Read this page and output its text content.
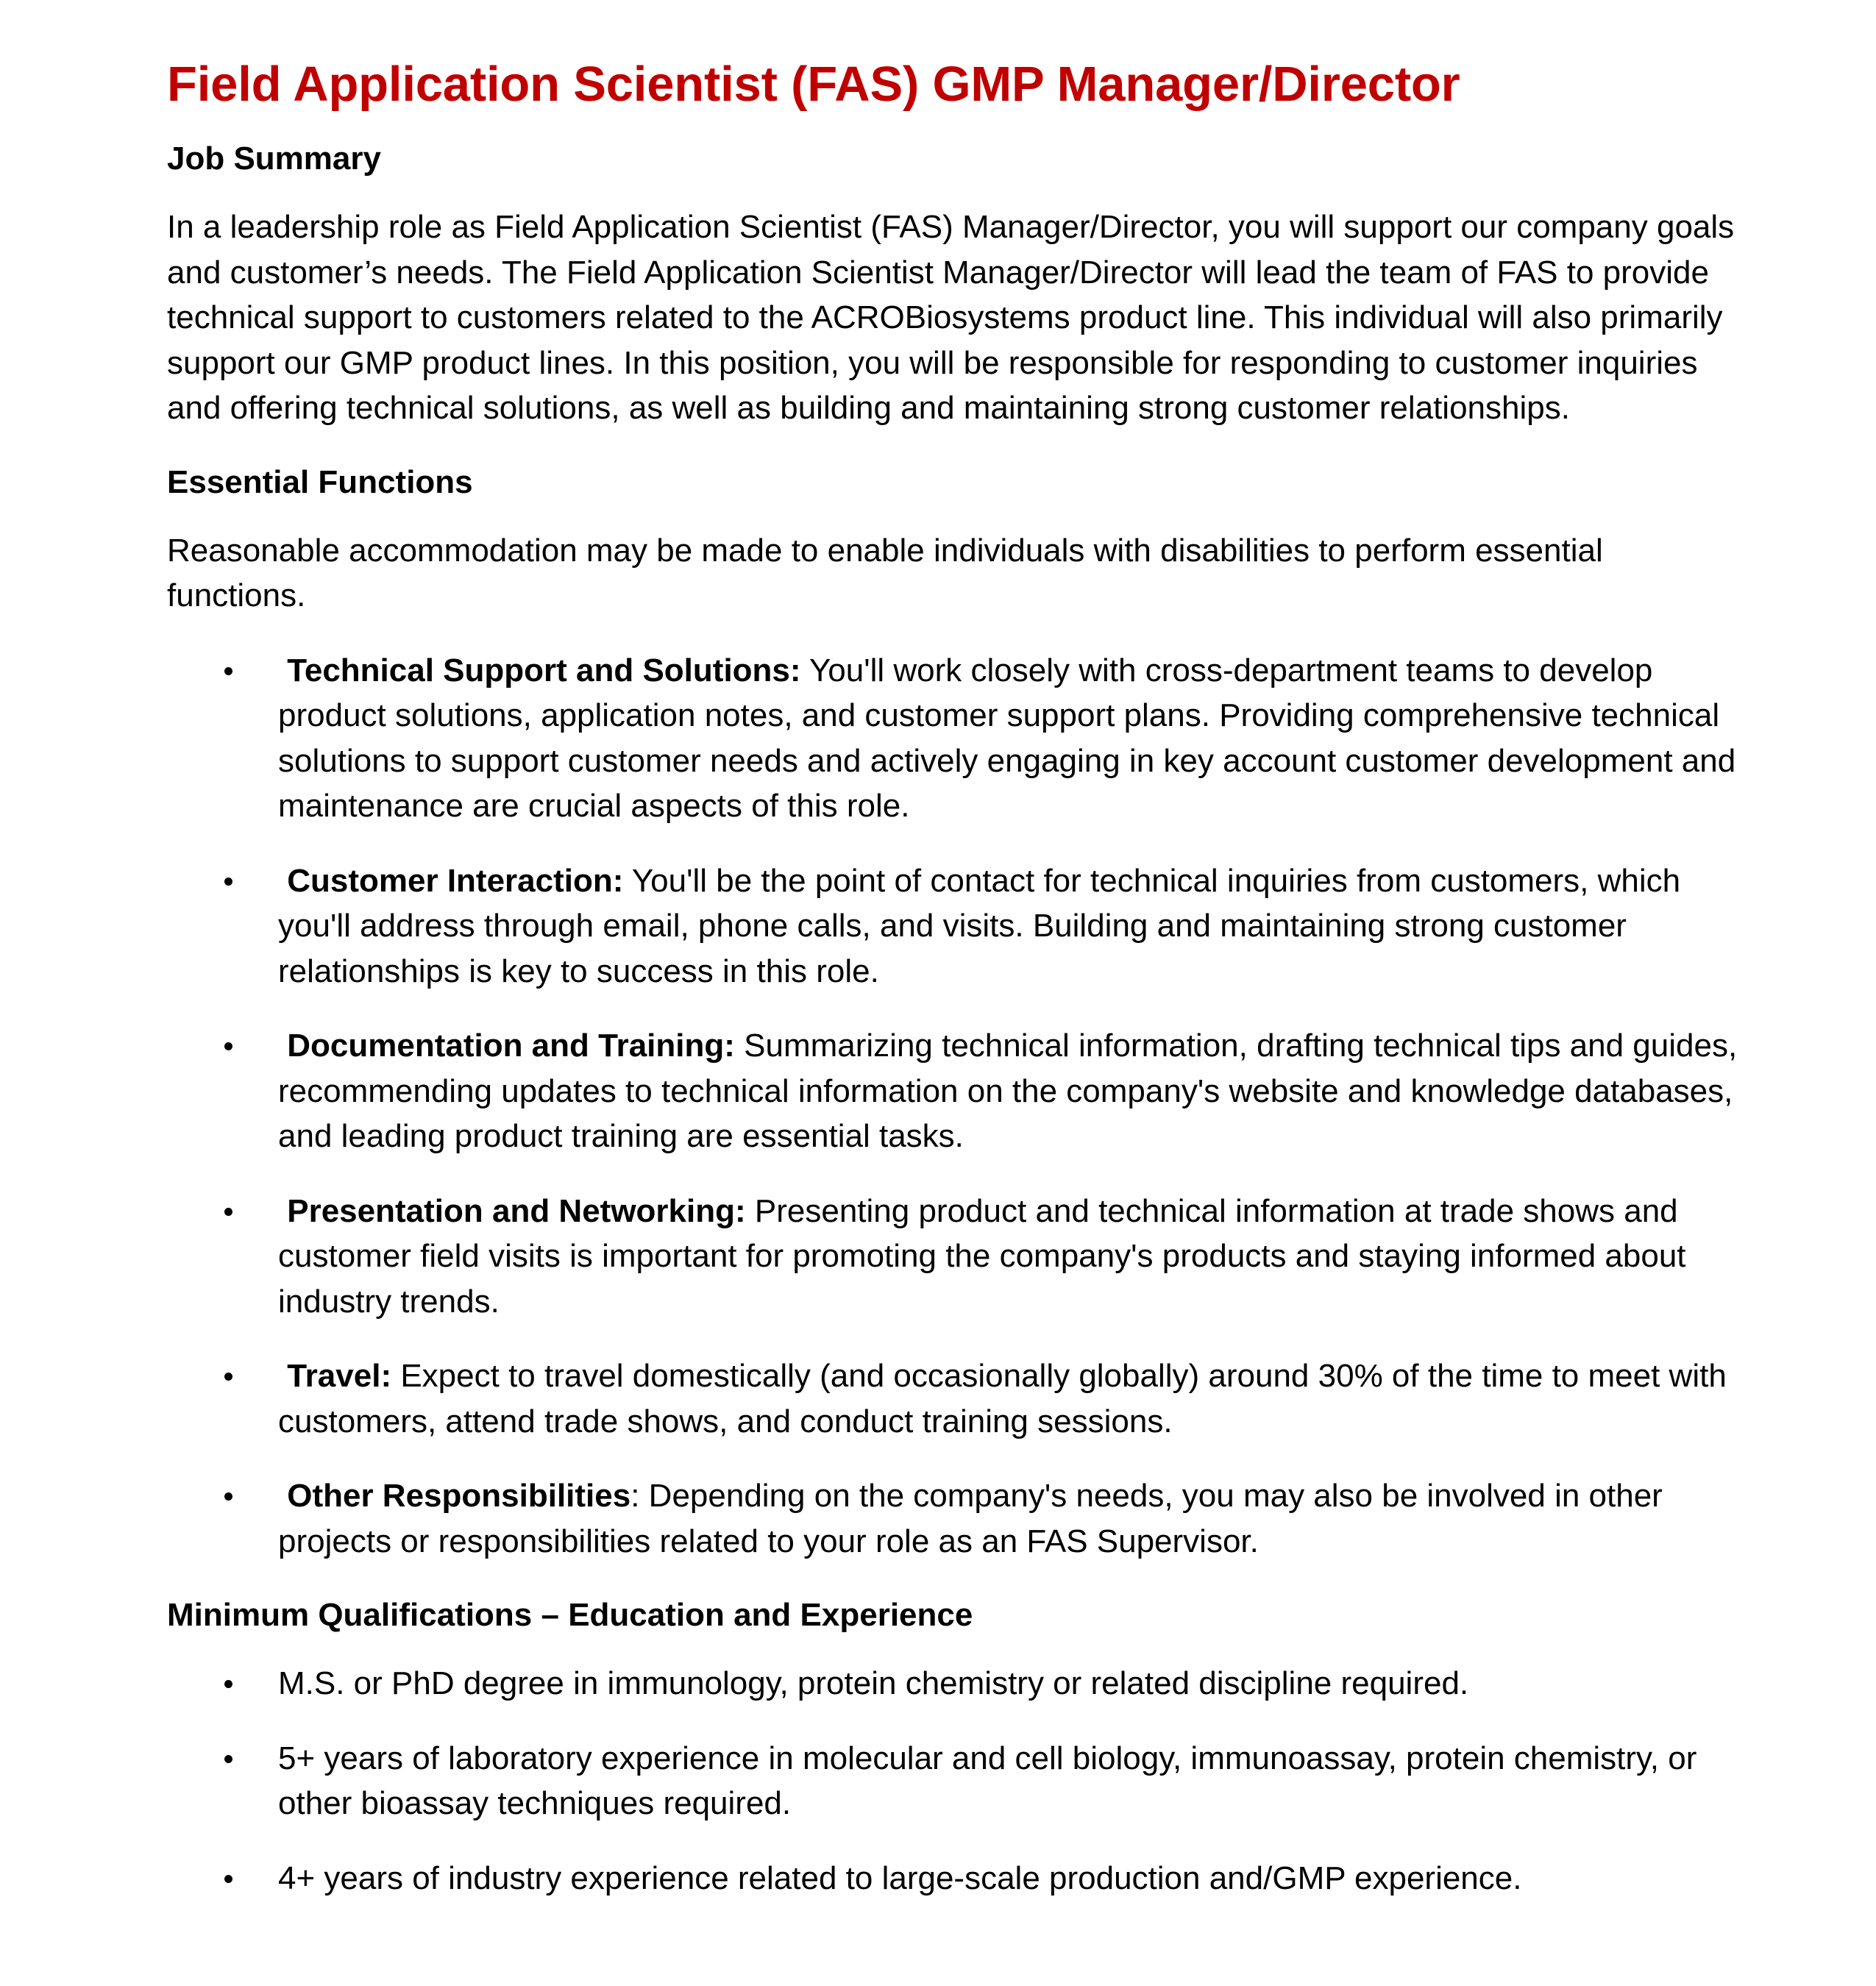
Field Application Scientist (FAS) GMP Manager/Director
Job Summary

In a leadership role as Field Application Scientist (FAS) Manager/Director, you will support our company goals and customer’s needs. The Field Application Scientist Manager/Director will lead the team of FAS to provide technical support to customers related to the ACROBiosystems product line. This individual will also primarily support our GMP product lines. In this position, you will be responsible for responding to customer inquiries and offering technical solutions, as well as building and maintaining strong customer relationships.

Essential Functions

Reasonable accommodation may be made to enable individuals with disabilities to perform essential functions.

Technical Support and Solutions: You'll work closely with cross-department teams to develop product solutions, application notes, and customer support plans. Providing comprehensive technical solutions to support customer needs and actively engaging in key account customer development and maintenance are crucial aspects of this role.
Customer Interaction: You'll be the point of contact for technical inquiries from customers, which you'll address through email, phone calls, and visits. Building and maintaining strong customer relationships is key to success in this role.
Documentation and Training: Summarizing technical information, drafting technical tips and guides, recommending updates to technical information on the company's website and knowledge databases, and leading product training are essential tasks.
Presentation and Networking: Presenting product and technical information at trade shows and customer field visits is important for promoting the company's products and staying informed about industry trends.
Travel: Expect to travel domestically (and occasionally globally) around 30% of the time to meet with customers, attend trade shows, and conduct training sessions.
Other Responsibilities: Depending on the company's needs, you may also be involved in other projects or responsibilities related to your role as an FAS Supervisor.
Minimum Qualifications – Education and Experience
M.S. or PhD degree in immunology, protein chemistry or related discipline required.
5+ years of laboratory experience in molecular and cell biology, immunoassay, protein chemistry, or other bioassay techniques required.
4+ years of industry experience related to large-scale production and/GMP experience.
